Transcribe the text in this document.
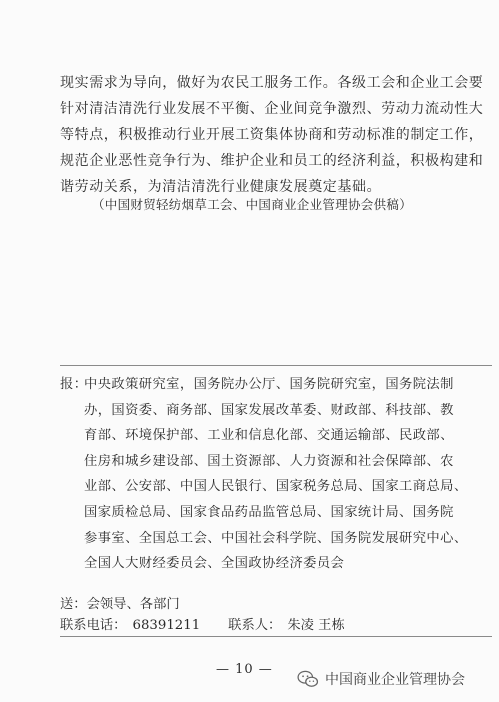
现实需求为导向，做好为农民工服务工作。各级工会和企业工会要
针对清洁清洗行业发展不平衡、企业间竞争激烈、劳动力流动性大
等特点，积极推动行业开展工资集体协商和劳动标准的制定工作，
规范企业恶性竞争行为、维护企业和员工的经济利益，积极构建和
谐劳动关系，为清洁清洗行业健康发展奠定基础。
（中国财贸轻纺烟草工会、中国商业企业管理协会供稿）
报：中央政策研究室，国务院办公厅、国务院研究室，国务院法制
办，国资委、商务部、国家发展改革委、财政部、科技部、教
育部、环境保护部、工业和信息化部、交通运输部、民政部、
住房和城乡建设部、国土资源部、人力资源和社会保障部、农
业部、公安部、中国人民银行、国家税务总局、国家工商总局、
国家质检总局、国家食品药品监管总局、国家统计局、国务院
参事室、全国总工会、中国社会科学院、国务院发展研究中心、
全国人大财经委员会、全国政协经济委员会
送：会领导、各部门
联系电话： 68391211 联系人： 朱凌 王栋
— 10 —
中国商业企业管理协会
